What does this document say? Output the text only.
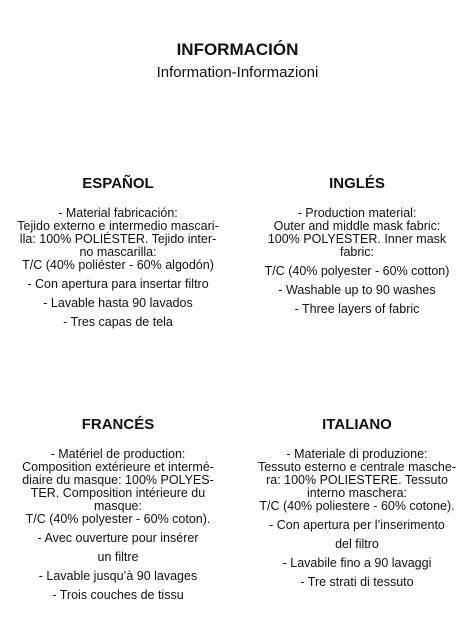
INFORMACIÓN
Information-Informazioni
ESPAÑOL

- Material fabricación:

Tejido externo e intermedio mascari-

lla: 100% POLIÉSTER. Tejido inter-

no mascarilla:

T/C (40% poliéster - 60% algodón)

- Con apertura para insertar filtro

- Lavable hasta 90 lavados

- Tres capas de tela

INGLÉS

- Production material:

Outer and middle mask fabric:

100% POLYESTER. Inner mask

fabric:

T/C (40% polyester - 60% cotton)

- Washable up to 90 washes

- Three layers of fabric

FRANCÉS

- Matériel de production:

Composition extérieure et intermé-

diaire du masque: 100% POLYES-

TER. Composition intérieure du

masque:

T/C (40% polyester - 60% coton).

- Avec ouverture pour insérer

un filtre

- Lavable jusqu’à 90 lavages

- Trois couches de tissu

ITALIANO

- Materiale di produzione:

Tessuto esterno e centrale masche-

ra: 100% POLIESTERE. Tessuto

interno maschera:

T/C (40% poliestere - 60% cotone).

- Con apertura per l’inserimento

del filtro

- Lavabile fino a 90 lavaggi

- Tre strati di tessuto
